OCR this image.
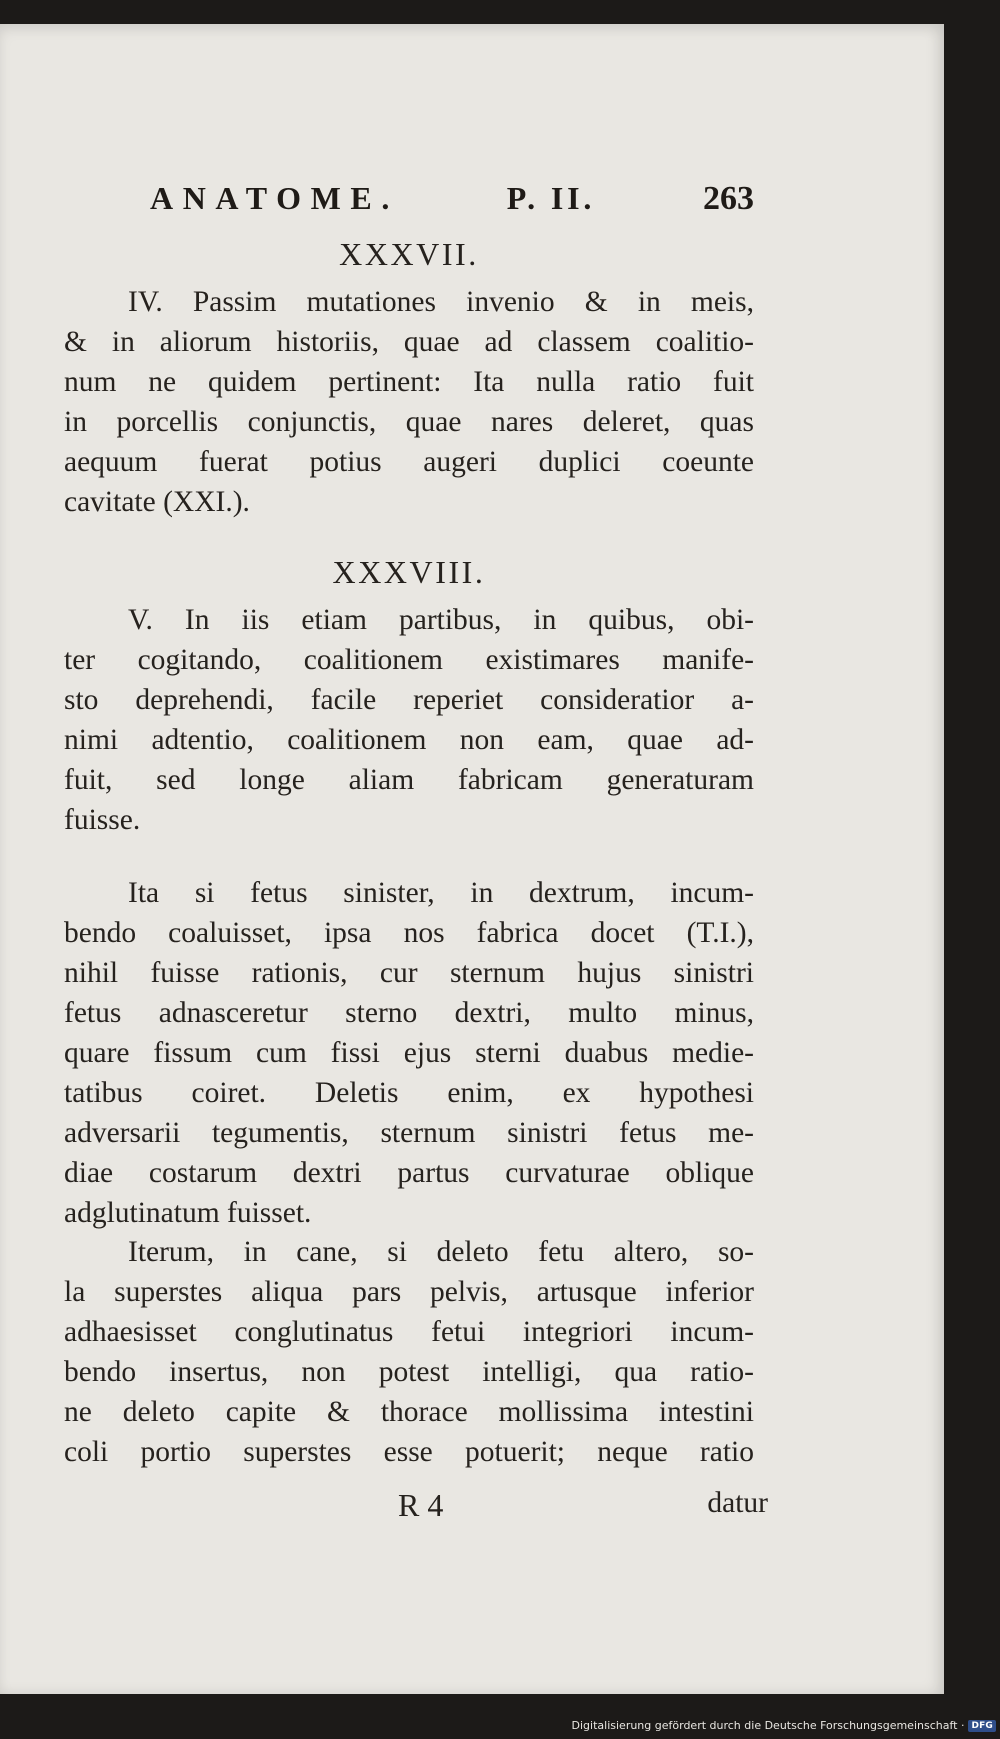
ANATOME.	P. II.	263
XXXVII.
IV. Passim mutationes invenio & in meis,
& in aliorum historiis, quae ad classem coalitio-
num ne quidem pertinent: Ita nulla ratio fuit
in porcellis conjunctis, quae nares deleret, quas
aequum fuerat potius augeri duplici coeunte
cavitate (XXI.).
XXXVIII.
V. In iis etiam partibus, in quibus, obi-
ter cogitando, coalitionem existimares manife-
sto deprehendi, facile reperiet consideratior a-
nimi adtentio, coalitionem non eam, quae ad-
fuit, sed longe aliam fabricam generaturam
fuisse.
Ita si fetus sinister, in dextrum, incum-
bendo coaluisset, ipsa nos fabrica docet (T.I.),
nihil fuisse rationis, cur sternum hujus sinistri
fetus adnasceretur sterno dextri, multo minus,
quare fissum cum fissi ejus sterni duabus medie-
tatibus coiret. Deletis enim, ex hypothesi
adversarii tegumentis, sternum sinistri fetus me-
diae costarum dextri partus curvaturae oblique
adglutinatum fuisset.
Iterum, in cane, si deleto fetu altero, so-
la superstes aliqua pars pelvis, artusque inferior
adhaesisset conglutinatus fetui integriori incum-
bendo insertus, non potest intelligi, qua ratio-
ne deleto capite & thorace mollissima intestini
coli portio superstes esse potuerit; neque ratio
R 4	datur
Digitalisierung gefördert durch die Deutsche Forschungsgemeinschaft · DFG
